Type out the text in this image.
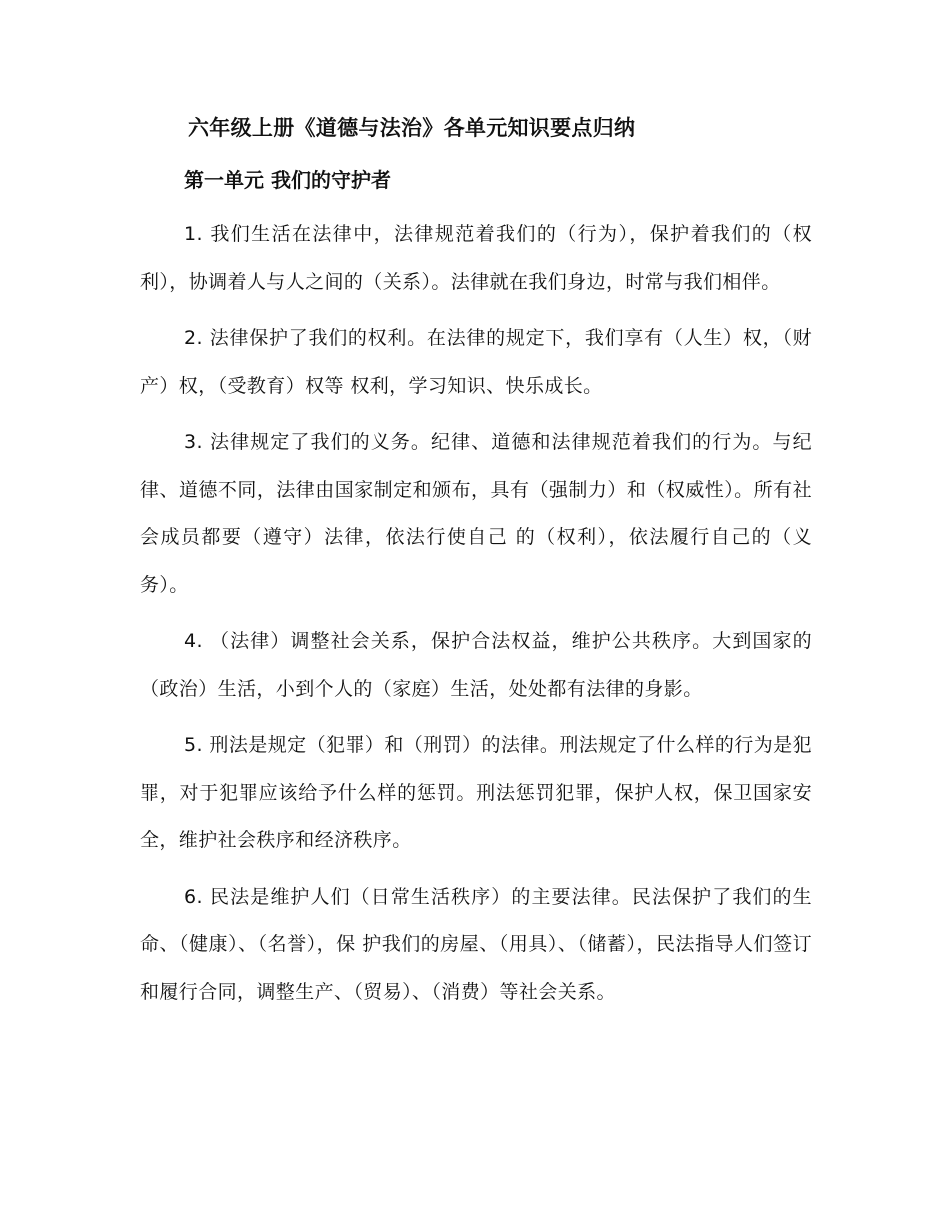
六年级上册《道德与法治》各单元知识要点归纳
第一单元 我们的守护者

1. 我们生活在法律中，法律规范着我们的（行为），保护着我们的（权利），协调着人与人之间的（关系）。法律就在我们身边，时常与我们相伴。

2. 法律保护了我们的权利。在法律的规定下，我们享有（人生）权，（财产）权，（受教育）权等 权利，学习知识、快乐成长。

3. 法律规定了我们的义务。纪律、道德和法律规范着我们的行为。与纪律、道德不同，法律由国家制定和颁布，具有（强制力）和（权威性）。所有社会成员都要（遵守）法律，依法行使自己 的（权利），依法履行自己的（义务）。

4. （法律）调整社会关系，保护合法权益，维护公共秩序。大到国家的（政治）生活，小到个人的（家庭）生活，处处都有法律的身影。

5. 刑法是规定（犯罪）和（刑罚）的法律。刑法规定了什么样的行为是犯罪，对于犯罪应该给予什么样的惩罚。刑法惩罚犯罪，保护人权，保卫国家安全，维护社会秩序和经济秩序。

6. 民法是维护人们（日常生活秩序）的主要法律。民法保护了我们的生命、（健康）、（名誉），保 护我们的房屋、（用具）、（储蓄），民法指导人们签订和履行合同，调整生产、（贸易）、（消费）等社会关系。
